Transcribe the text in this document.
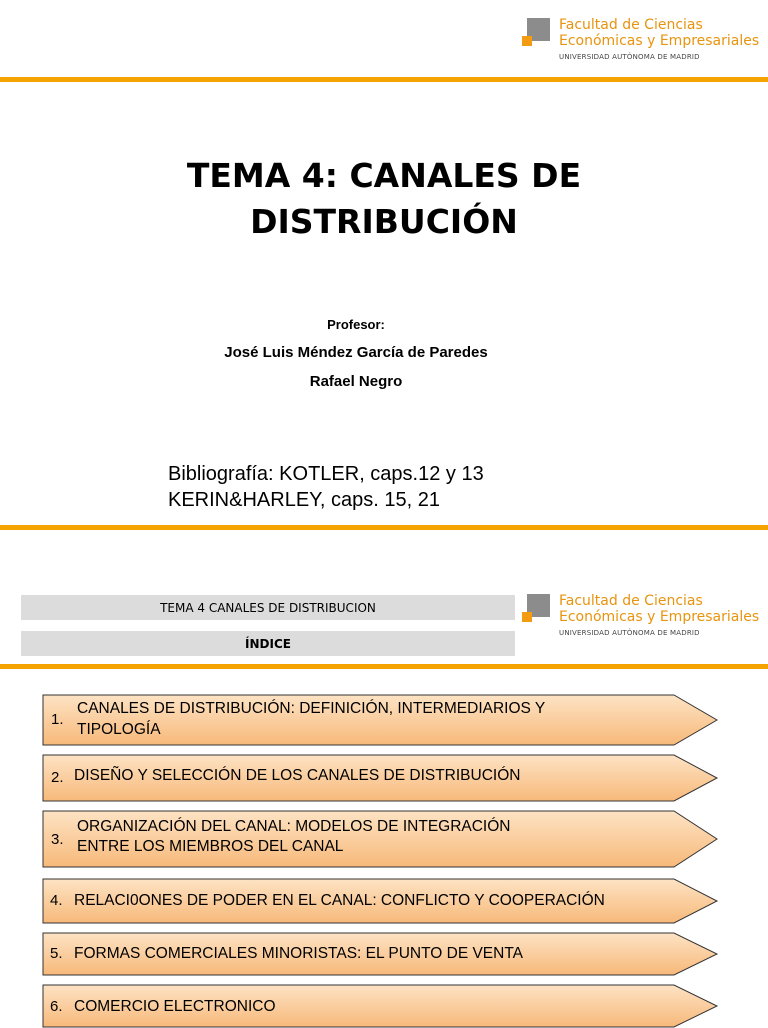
Facultad de Ciencias
Económicas y Empresariales
UNIVERSIDAD AUTÓNOMA DE MADRID
TEMA 4: CANALES DE
DISTRIBUCIÓN
Profesor:
José Luis Méndez García de Paredes
Rafael Negro
Bibliografía: KOTLER, caps.12 y 13
KERIN&HARLEY, caps. 15, 21
TEMA 4 CANALES DE DISTRIBUCION
ÍNDICE
Facultad de Ciencias
Económicas y Empresariales
UNIVERSIDAD AUTÓNOMA DE MADRID
1.
CANALES DE DISTRIBUCIÓN: DEFINICIÓN, INTERMEDIARIOS Y
TIPOLOGÍA
2. DISEÑO Y SELECCIÓN DE LOS CANALES DE DISTRIBUCIÓN
3.
ORGANIZACIÓN DEL CANAL: MODELOS DE INTEGRACIÓN
ENTRE LOS MIEMBROS DEL CANAL
4. RELACI0ONES DE PODER EN EL CANAL: CONFLICTO Y COOPERACIÓN
5. FORMAS COMERCIALES MINORISTAS: EL PUNTO DE VENTA
6. COMERCIO ELECTRONICO
